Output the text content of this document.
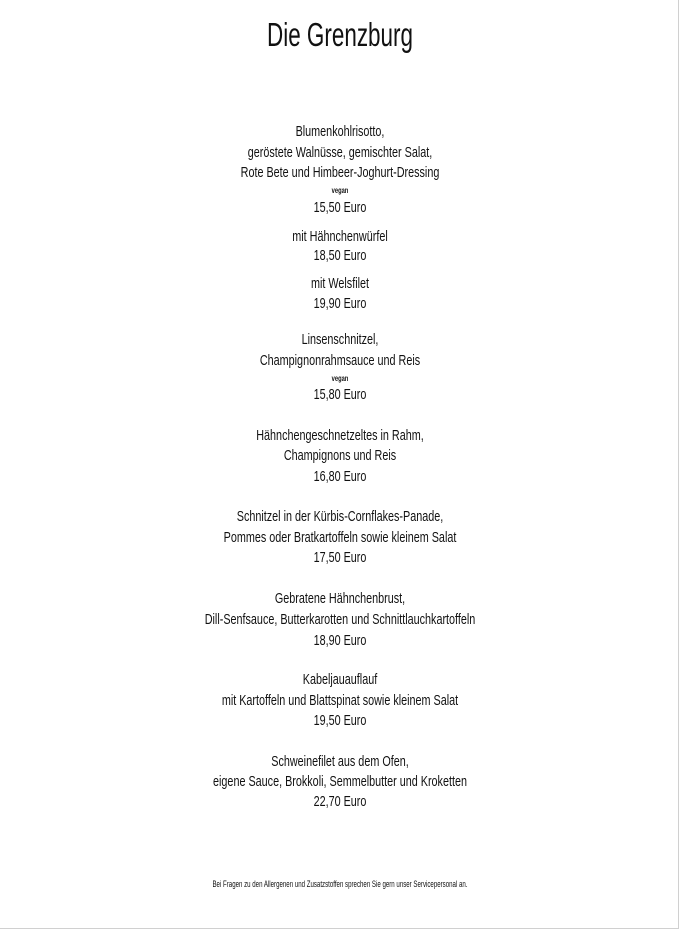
Die Grenzburg
Blumenkohlrisotto,
geröstete Walnüsse, gemischter Salat,
Rote Bete und Himbeer-Joghurt-Dressing
vegan
15,50 Euro
mit Hähnchenwürfel
18,50 Euro
mit Welsfilet
19,90 Euro
Linsenschnitzel,
Champignonrahmsauce und Reis
vegan
15,80 Euro
Hähnchengeschnetzeltes in Rahm,
Champignons und Reis
16,80 Euro
Schnitzel in der Kürbis-Cornflakes-Panade,
Pommes oder Bratkartoffeln sowie kleinem Salat
17,50 Euro
Gebratene Hähnchenbrust,
Dill-Senfsauce, Butterkarotten und Schnittlauchkartoffeln
18,90 Euro
Kabeljauauflauf
mit Kartoffeln und Blattspinat sowie kleinem Salat
19,50 Euro
Schweinefilet aus dem Ofen,
eigene Sauce, Brokkoli, Semmelbutter und Kroketten
22,70 Euro
Bei Fragen zu den Allergenen und Zusatzstoffen sprechen Sie gern unser Servicepersonal an.
